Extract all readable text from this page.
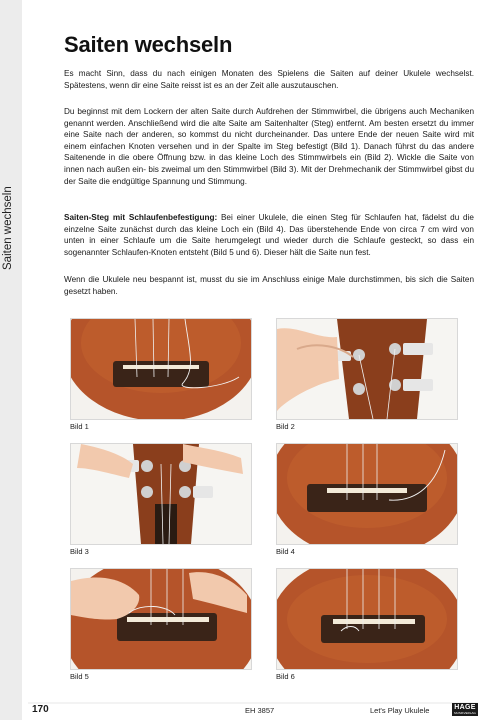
Saiten wechseln
Saiten wechseln

Es macht Sinn, dass du nach einigen Monaten des Spielens die Saiten auf deiner Ukulele wechselst. Spätestens, wenn dir eine Saite reisst ist es an der Zeit alle auszutauschen.

Du beginnst mit dem Lockern der alten Saite durch Aufdrehen der Stimmwirbel, die übrigens auch Mechaniken genannt werden. Anschließend wird die alte Saite am Saitenhalter (Steg) entfernt. Am besten ersetzt du immer eine Saite nach der anderen, so kommst du nicht durcheinander. Das untere Ende der neuen Saite wird mit einem einfachen Knoten versehen und in der Spalte im Steg befestigt (Bild 1). Danach führst du das andere Saitenende in die obere Öffnung bzw. in das kleine Loch des Stimmwirbels ein (Bild 2). Wickle die Saite von innen nach außen ein- bis zweimal um den Stimmwirbel (Bild 3). Mit der Drehmechanik der Stimmwirbel gibst du der Saite die endgültige Spannung und Stimmung.

Saiten-Steg mit Schlaufenbefestigung: Bei einer Ukulele, die einen Steg für Schlaufen hat, fädelst du die einzelne Saite zunächst durch das kleine Loch ein (Bild 4). Das überstehende Ende von circa 7 cm wird von unten in einer Schlaufe um die Saite herumgelegt und wieder durch die Schlaufe gesteckt, so dass ein sogenannter Schlaufen-Knoten entsteht (Bild 5 und 6). Dieser hält die Saite nun fest.

Wenn die Ukulele neu bespannt ist, musst du sie im Anschluss einige Male durchstimmen, bis sich die Saiten gesetzt haben.

Bild 1	Bild 2
Bild 3	Bild 4
Bild 5	Bild 6
170	EH 3857	Let's Play Ukulele	HAGE
MUSIKVERLAG
